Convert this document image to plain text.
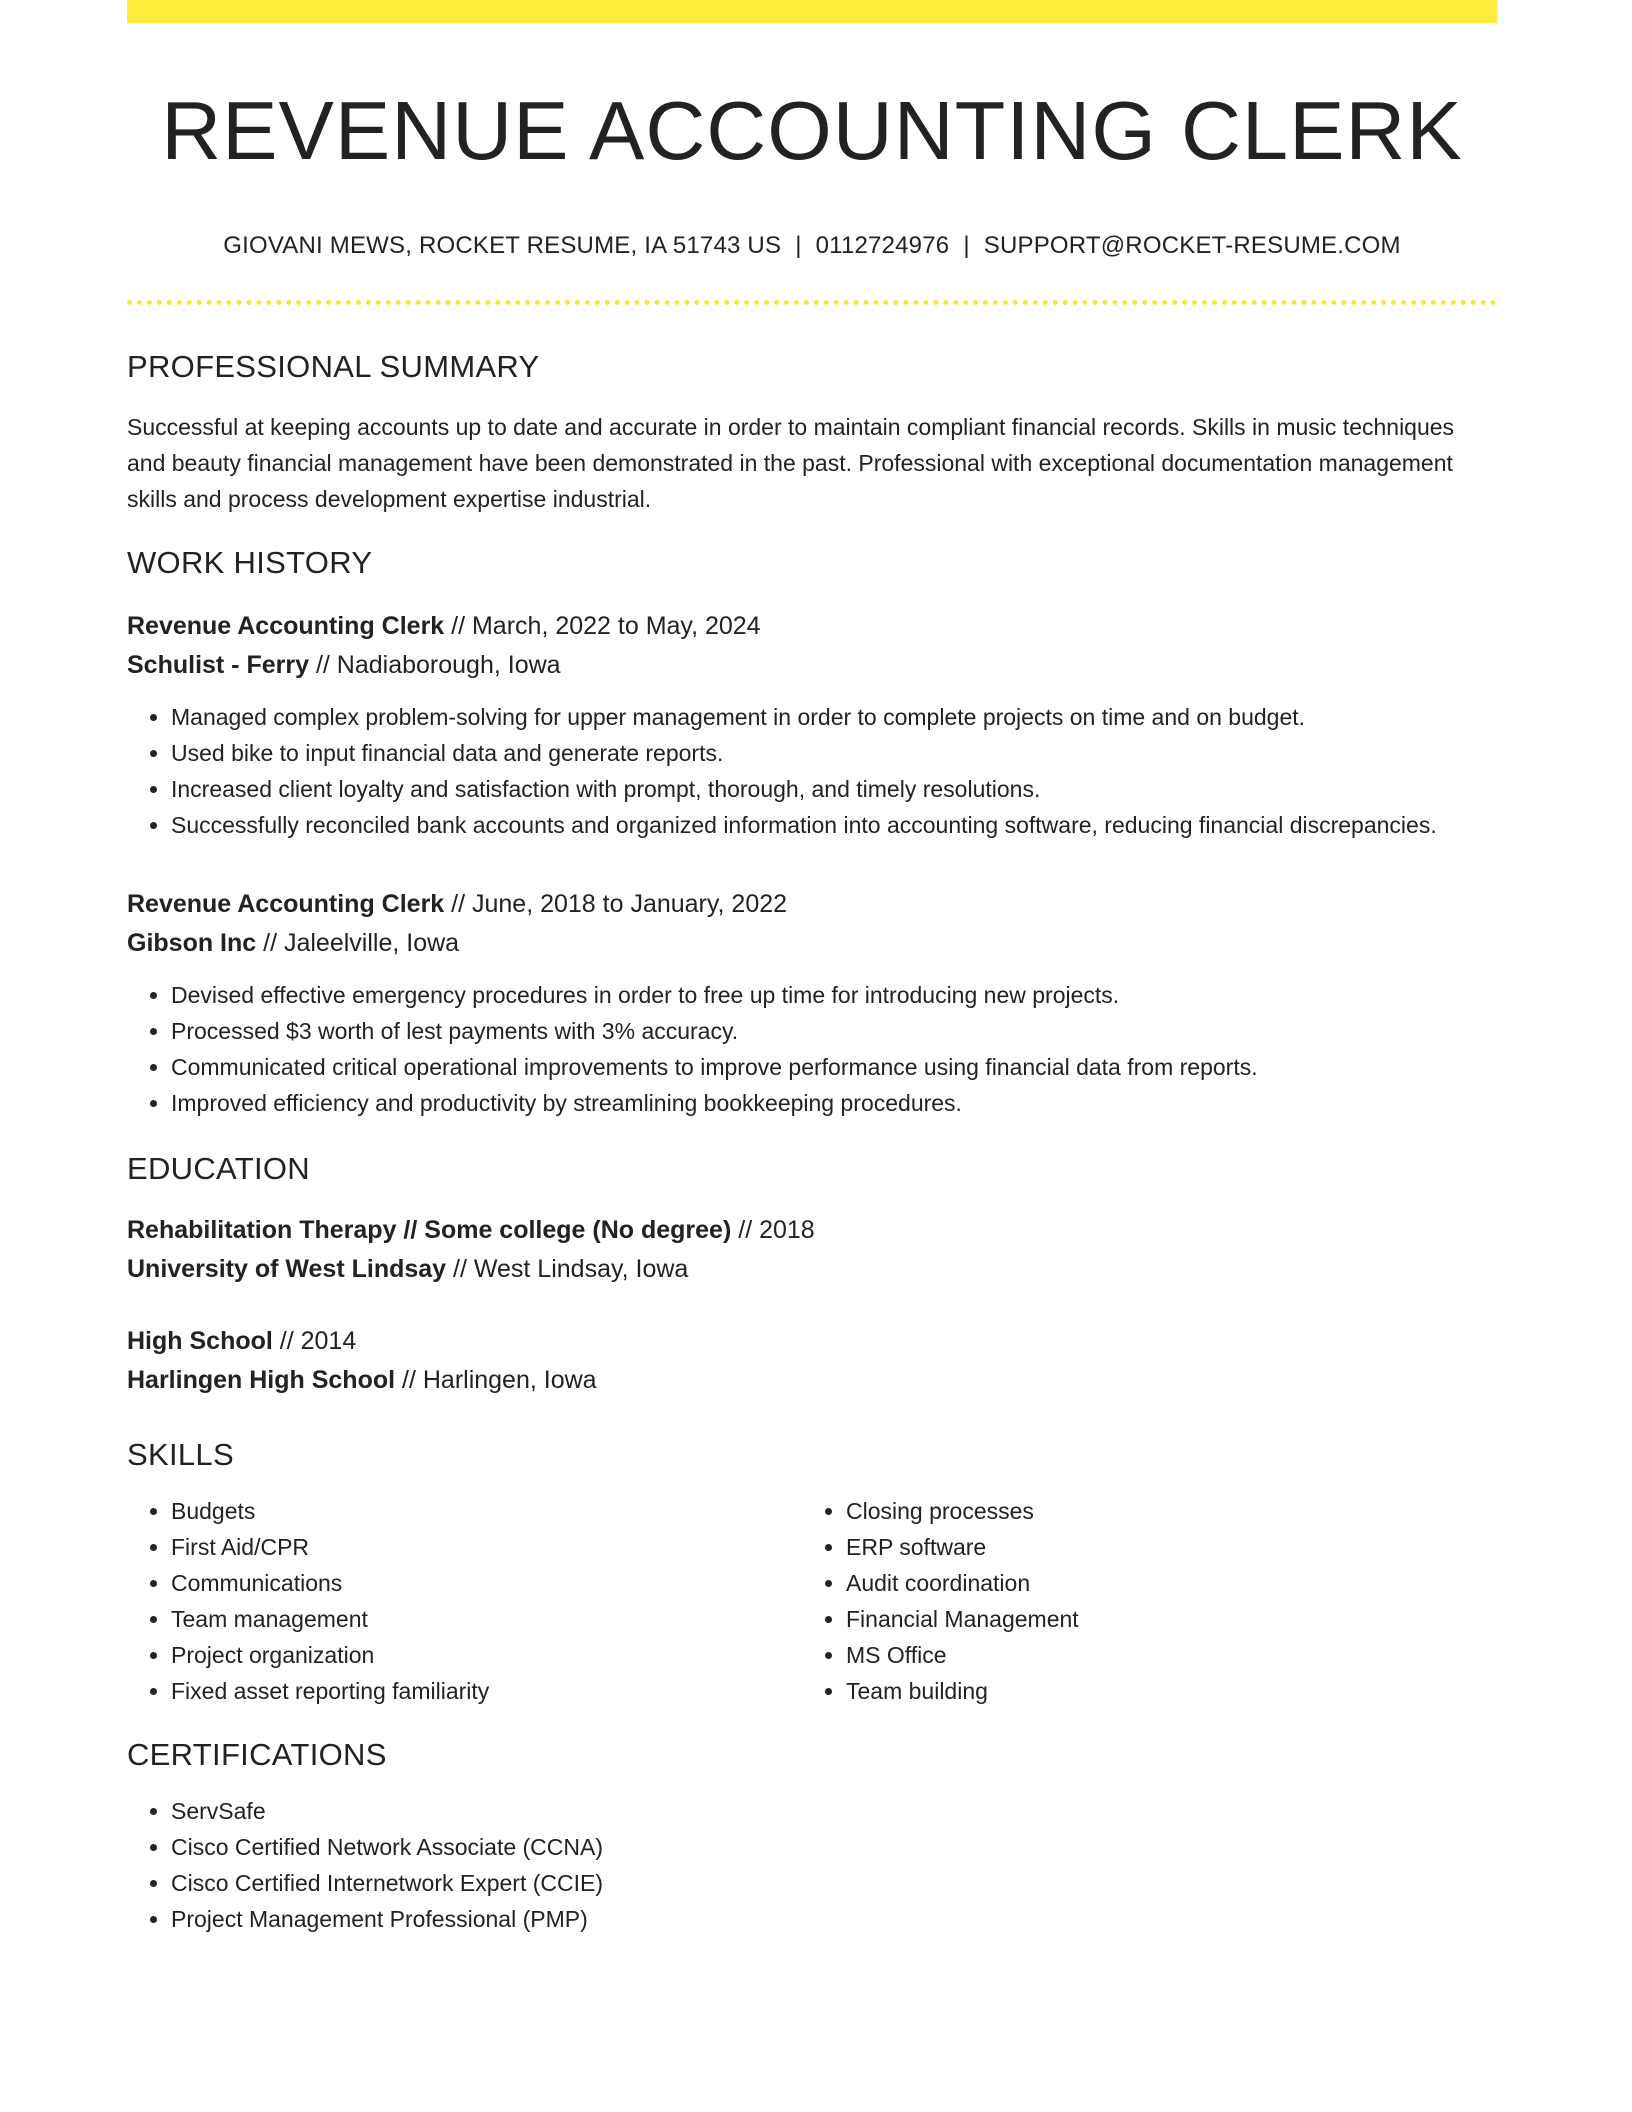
REVENUE ACCOUNTING CLERK
GIOVANI MEWS, ROCKET RESUME, IA 51743 US | 0112724976 | SUPPORT@ROCKET-RESUME.COM
PROFESSIONAL SUMMARY

Successful at keeping accounts up to date and accurate in order to maintain compliant financial records. Skills in music techniques and beauty financial management have been demonstrated in the past. Professional with exceptional documentation management skills and process development expertise industrial.

WORK HISTORY
Revenue Accounting Clerk // March, 2022 to May, 2024
Schulist - Ferry // Nadiaborough, Iowa
• Managed complex problem-solving for upper management in order to complete projects on time and on budget.
• Used bike to input financial data and generate reports.
• Increased client loyalty and satisfaction with prompt, thorough, and timely resolutions.
• Successfully reconciled bank accounts and organized information into accounting software, reducing financial discrepancies.
Revenue Accounting Clerk // June, 2018 to January, 2022
Gibson Inc // Jaleelville, Iowa
• Devised effective emergency procedures in order to free up time for introducing new projects.
• Processed $3 worth of lest payments with 3% accuracy.
• Communicated critical operational improvements to improve performance using financial data from reports.
• Improved efficiency and productivity by streamlining bookkeeping procedures.
EDUCATION
Rehabilitation Therapy // Some college (No degree) // 2018
University of West Lindsay // West Lindsay, Iowa
High School // 2014
Harlingen High School // Harlingen, Iowa
SKILLS
• Budgets
• First Aid/CPR
• Communications
• Team management
• Project organization
• Fixed asset reporting familiarity
• Closing processes
• ERP software
• Audit coordination
• Financial Management
• MS Office
• Team building
CERTIFICATIONS
• ServSafe
• Cisco Certified Network Associate (CCNA)
• Cisco Certified Internetwork Expert (CCIE)
• Project Management Professional (PMP)
